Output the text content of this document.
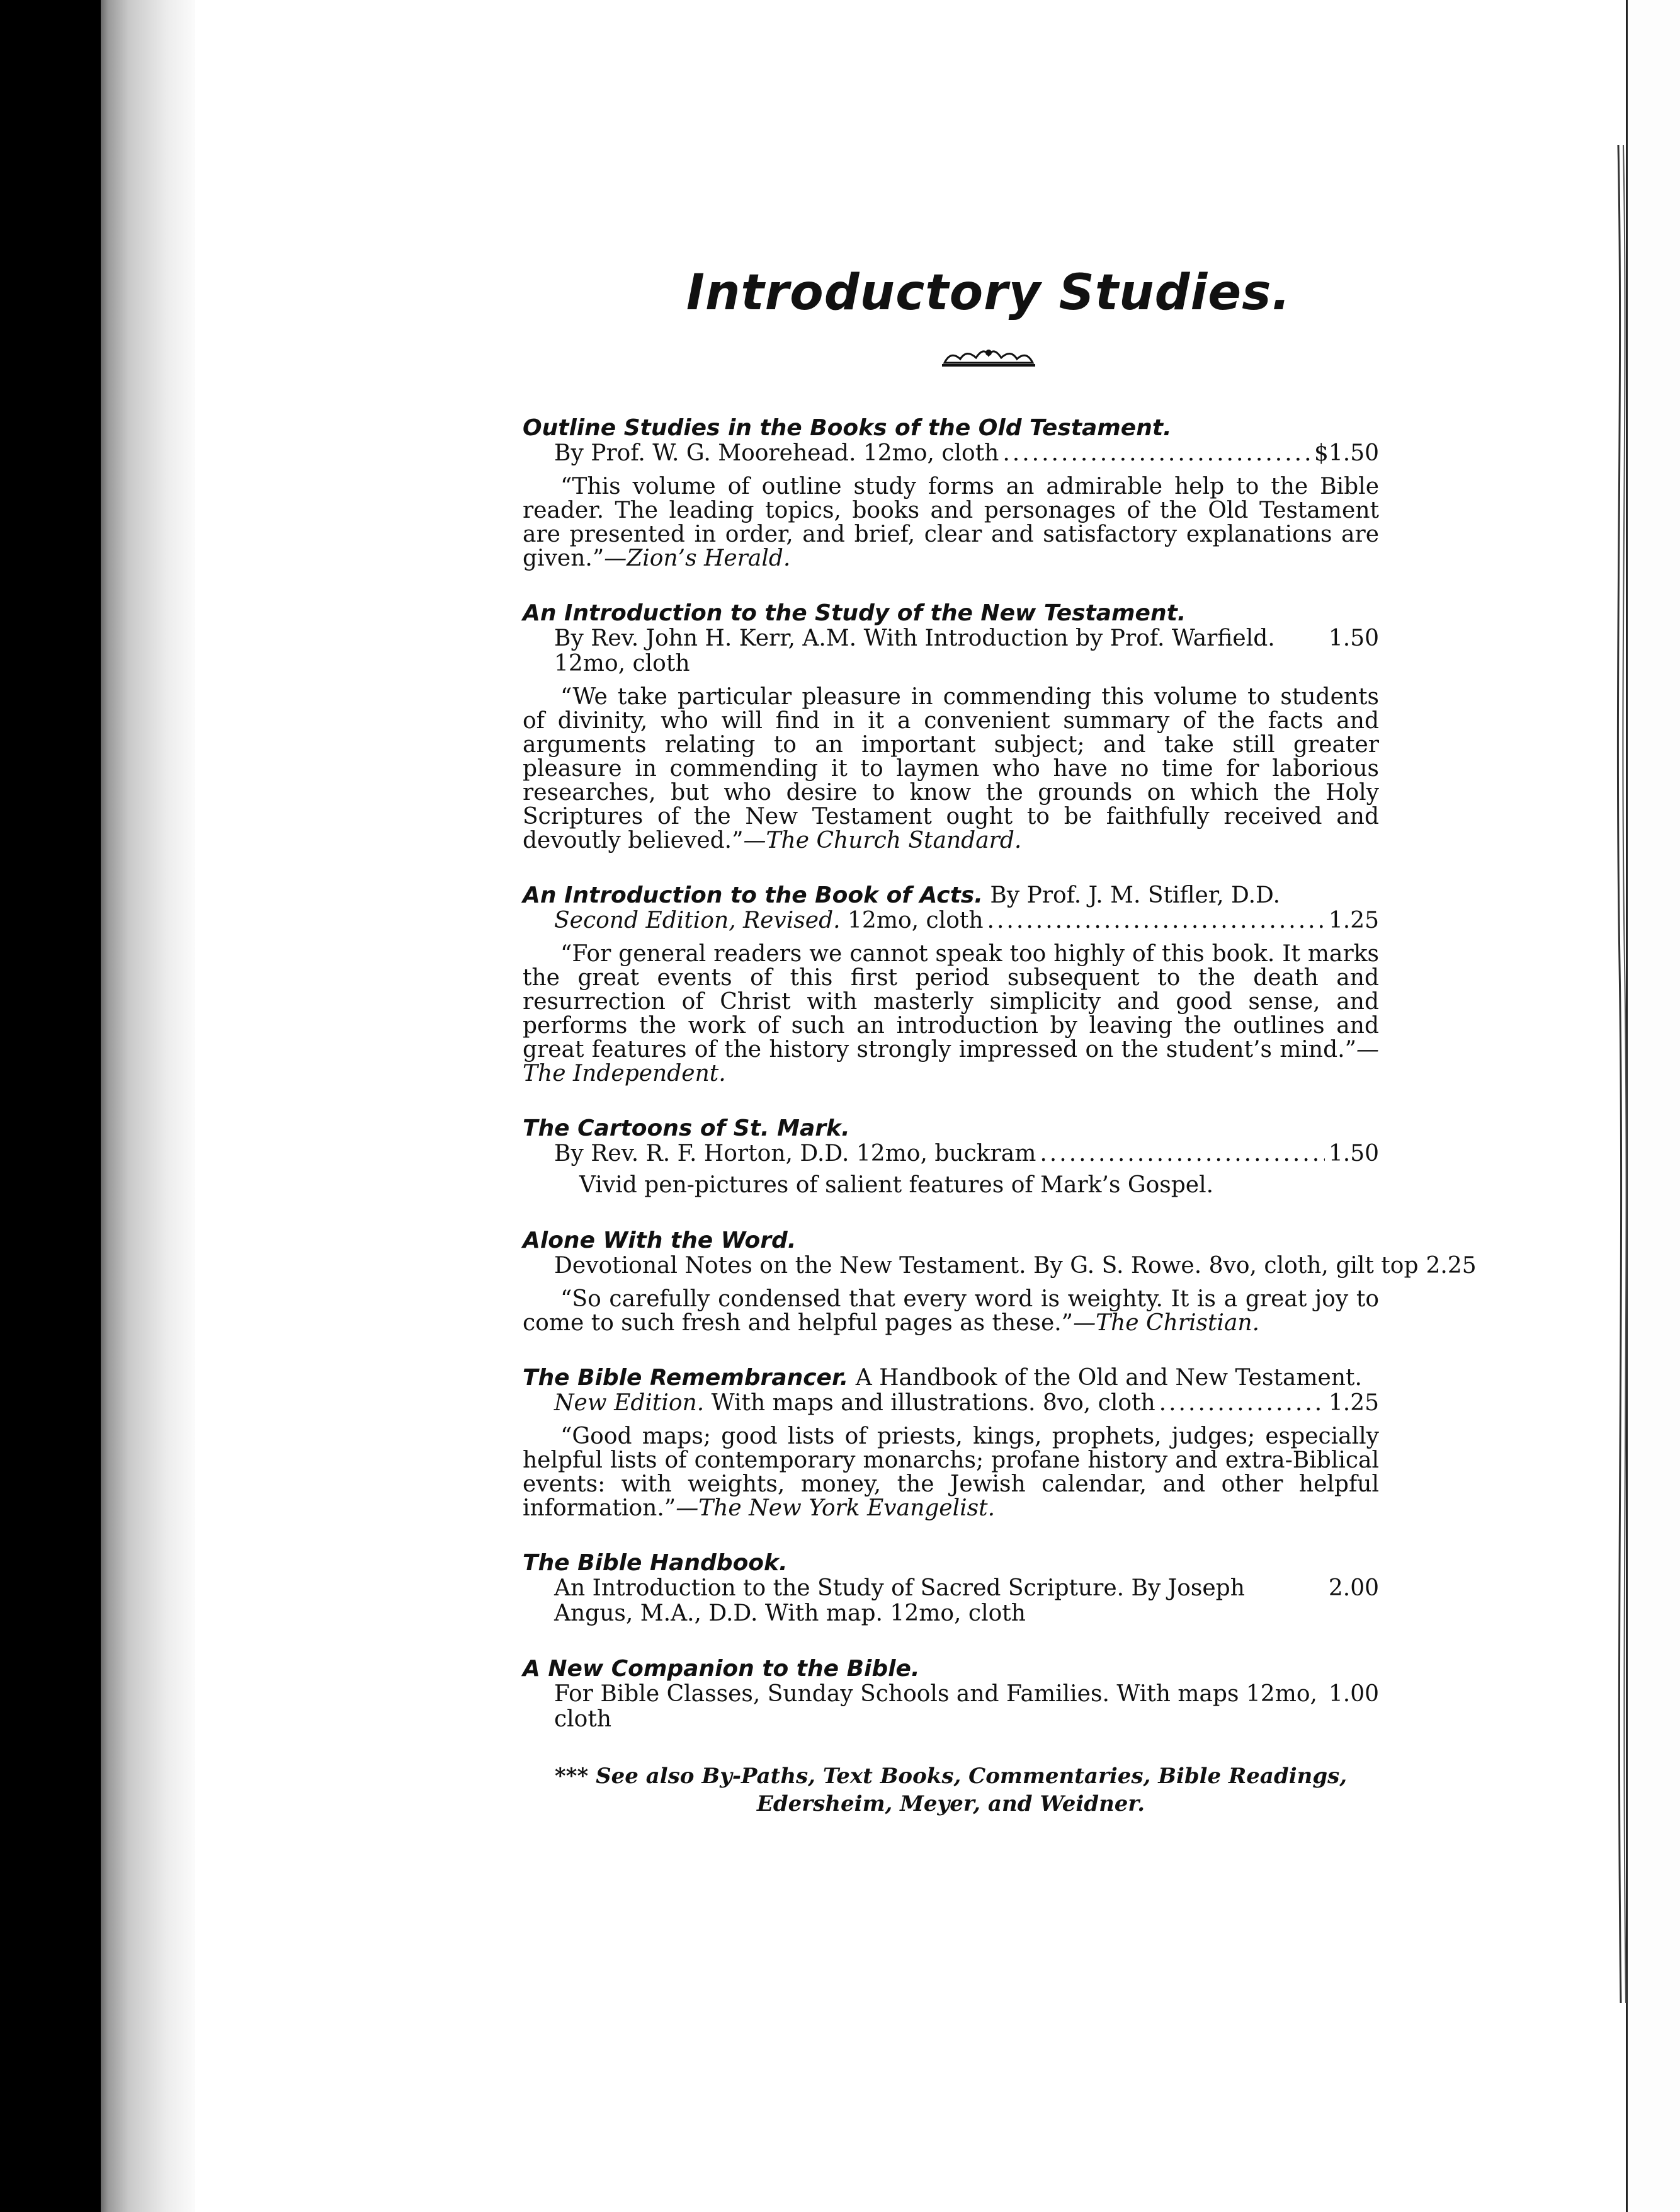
Introductory Studies.
Outline Studies in the Books of the Old Testament.
By Prof. W. G. Moorehead. 12mo, cloth .....	$1.50
“This volume of outline study forms an admirable help to the Bible reader. The leading topics, books and personages of the Old Testament are presented in order, and brief, clear and satisfactory explanations are given.”—Zion’s Herald.
An Introduction to the Study of the New Testament.
By Rev. John H. Kerr, A.M. With Introduction by Prof. Warfield. 12mo, cloth
1.50
“We take particular pleasure in commending this volume to students of divinity, who will find in it a convenient summary of the facts and arguments relating to an important subject; and take still greater pleasure in commending it to laymen who have no time for laborious researches, but who desire to know the grounds on which the Holy Scriptures of the New Testament ought to be faithfully received and devoutly believed.”—The Church Standard.
An Introduction to the Book of Acts. By Prof. J. M. Stifler, D.D.
Second Edition, Revised. 12mo, cloth .....	1.25
“For general readers we cannot speak too highly of this book. It marks the great events of this first period subsequent to the death and resurrection of Christ with masterly simplicity and good sense, and performs the work of such an introduction by leaving the outlines and great features of the history strongly impressed on the student’s mind.”—The Independent.
The Cartoons of St. Mark.
By Rev. R. F. Horton, D.D. 12mo, buckram .....	1.50
Vivid pen-pictures of salient features of Mark’s Gospel.
Alone With the Word.
Devotional Notes on the New Testament. By G. S. Rowe. 8vo, cloth, gilt top 2.25
“So carefully condensed that every word is weighty. It is a great joy to come to such fresh and helpful pages as these.”—The Christian.
The Bible Remembrancer. A Handbook of the Old and New Testament.
New Edition. With maps and illustrations. 8vo, cloth .....	1.25
“Good maps; good lists of priests, kings, prophets, judges; especially helpful lists of contemporary monarchs; profane history and extra-Biblical events: with weights, money, the Jewish calendar, and other helpful information.”—The New York Evangelist.
The Bible Handbook.
An Introduction to the Study of Sacred Scripture. By Joseph Angus, M.A., D.D. With map. 12mo, cloth
2.00
A New Companion to the Bible.
For Bible Classes, Sunday Schools and Families. With maps 12mo, cloth
1.00
*** See also By-Paths, Text Books, Commentaries, Bible Readings, Edersheim, Meyer, and Weidner.
